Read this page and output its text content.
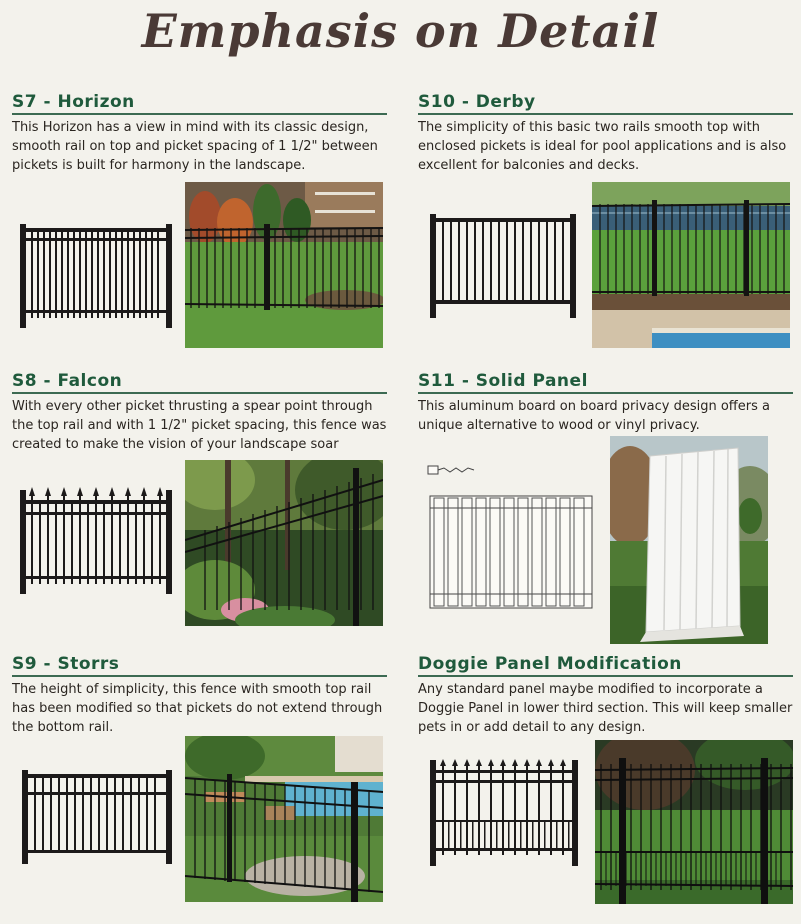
Emphasis on Detail
S7 - Horizon
This Horizon has a view in mind with its classic design, smooth rail on top and picket spacing of 1 1/2" between pickets is built for harmony in the landscape.
S10 - Derby
The simplicity of this basic two rails smooth top with enclosed pickets is ideal for pool applications and is also excellent for balconies and decks.
S8 - Falcon
With every other picket thrusting a spear point through the top rail and with 1 1/2" picket spacing, this fence was created to make the vision of your landscape soar
S11 - Solid Panel
This aluminum board on board privacy design offers a unique alternative to wood or vinyl privacy.
S9 - Storrs
The height of simplicity, this fence with smooth top rail has been modified so that pickets do not extend through the bottom rail.
Doggie Panel Modification
Any standard panel maybe modified to incorporate a Doggie Panel in lower third section. This will keep smaller pets in or add detail to any design.
